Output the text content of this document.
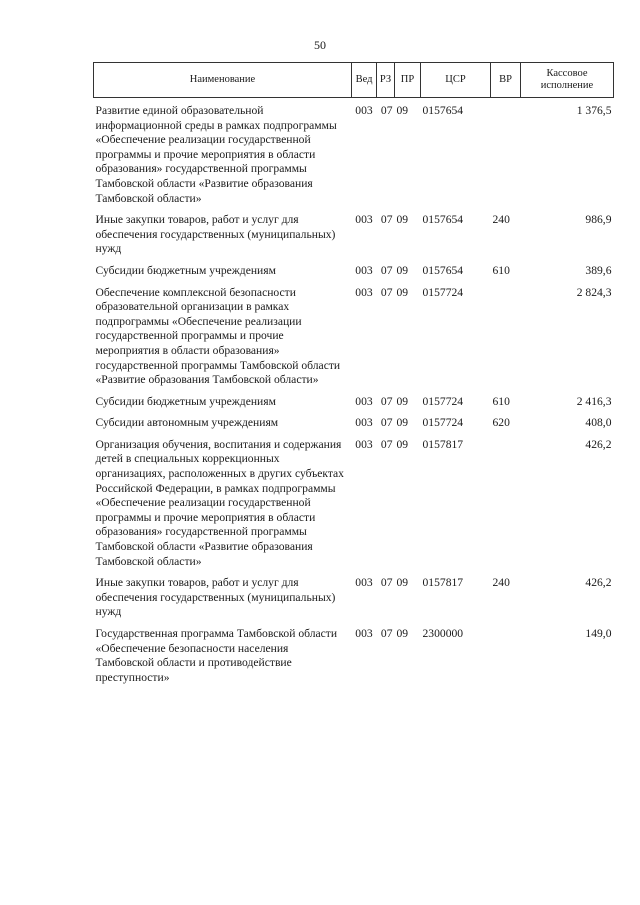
50
Наименование	Вед	РЗ	ПР	ЦСР	ВР	Кассовое исполнение

Развитие единой образовательной информационной среды в рамках подпрограммы «Обеспечение реализации государственной программы и прочие мероприятия в области образования» государственной программы Тамбовской области «Развитие образования Тамбовской области»	003	07	09	0157654		1 376,5
Иные закупки товаров, работ и услуг для обеспечения государственных (муниципальных) нужд	003	07	09	0157654	240	986,9
Субсидии бюджетным учреждениям	003	07	09	0157654	610	389,6
Обеспечение комплексной безопасности образовательной организации в рамках подпрограммы «Обеспечение реализации государственной программы и прочие мероприятия в области образования» государственной программы Тамбовской области «Развитие образования Тамбовской области»	003	07	09	0157724		2 824,3
Субсидии бюджетным учреждениям	003	07	09	0157724	610	2 416,3
Субсидии автономным учреждениям	003	07	09	0157724	620	408,0
Организация обучения, воспитания и содержания детей в специальных коррекционных организациях, расположенных в других субъектах Российской Федерации, в рамках подпрограммы «Обеспечение реализации государственной программы и прочие мероприятия в области образования» государственной программы Тамбовской области «Развитие образования Тамбовской области»	003	07	09	0157817		426,2
Иные закупки товаров, работ и услуг для обеспечения государственных (муниципальных) нужд	003	07	09	0157817	240	426,2
Государственная программа Тамбовской области «Обеспечение безопасности населения Тамбовской области и противодействие преступности»	003	07	09	2300000		149,0
